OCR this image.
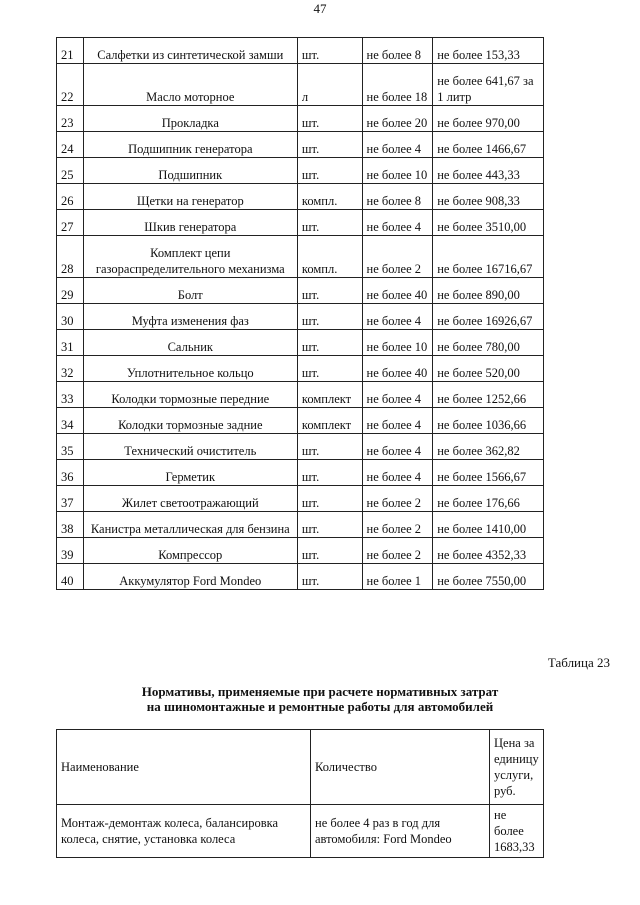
47
21	Салфетки из синтетической замши	шт.	не более 8	не более 153,33
22	Масло моторное	л	не более 18	не более 641,67 за 1 литр
23	Прокладка	шт.	не более 20	не более 970,00
24	Подшипник генератора	шт.	не более 4	не более 1466,67
25	Подшипник	шт.	не более 10	не более 443,33
26	Щетки на генератор	компл.	не более 8	не более 908,33
27	Шкив генератора	шт.	не более 4	не более 3510,00
28	Комплект цепи газораспределительного механизма	компл.	не более 2	не более 16716,67
29	Болт	шт.	не более 40	не более 890,00
30	Муфта изменения фаз	шт.	не более 4	не более 16926,67
31	Сальник	шт.	не более 10	не более 780,00
32	Уплотнительное кольцо	шт.	не более 40	не более 520,00
33	Колодки тормозные передние	комплект	не более 4	не более 1252,66
34	Колодки тормозные задние	комплект	не более 4	не более 1036,66
35	Технический очиститель	шт.	не более 4	не более 362,82
36	Герметик	шт.	не более 4	не более 1566,67
37	Жилет светоотражающий	шт.	не более 2	не более 176,66
38	Канистра металлическая для бензина	шт.	не более 2	не более 1410,00
39	Компрессор	шт.	не более 2	не более 4352,33
40	Аккумулятор Ford Mondeo	шт.	не более 1	не более 7550,00
Таблица 23
Нормативы, применяемые при расчете нормативных затрат
на шиномонтажные и ремонтные работы для автомобилей
Наименование	Количество	Цена за единицу услуги, руб.
Монтаж-демонтаж колеса, балансировка колеса, снятие, установка колеса	не более 4 раз в год для автомобиля: Ford Mondeo	не более 1683,33
